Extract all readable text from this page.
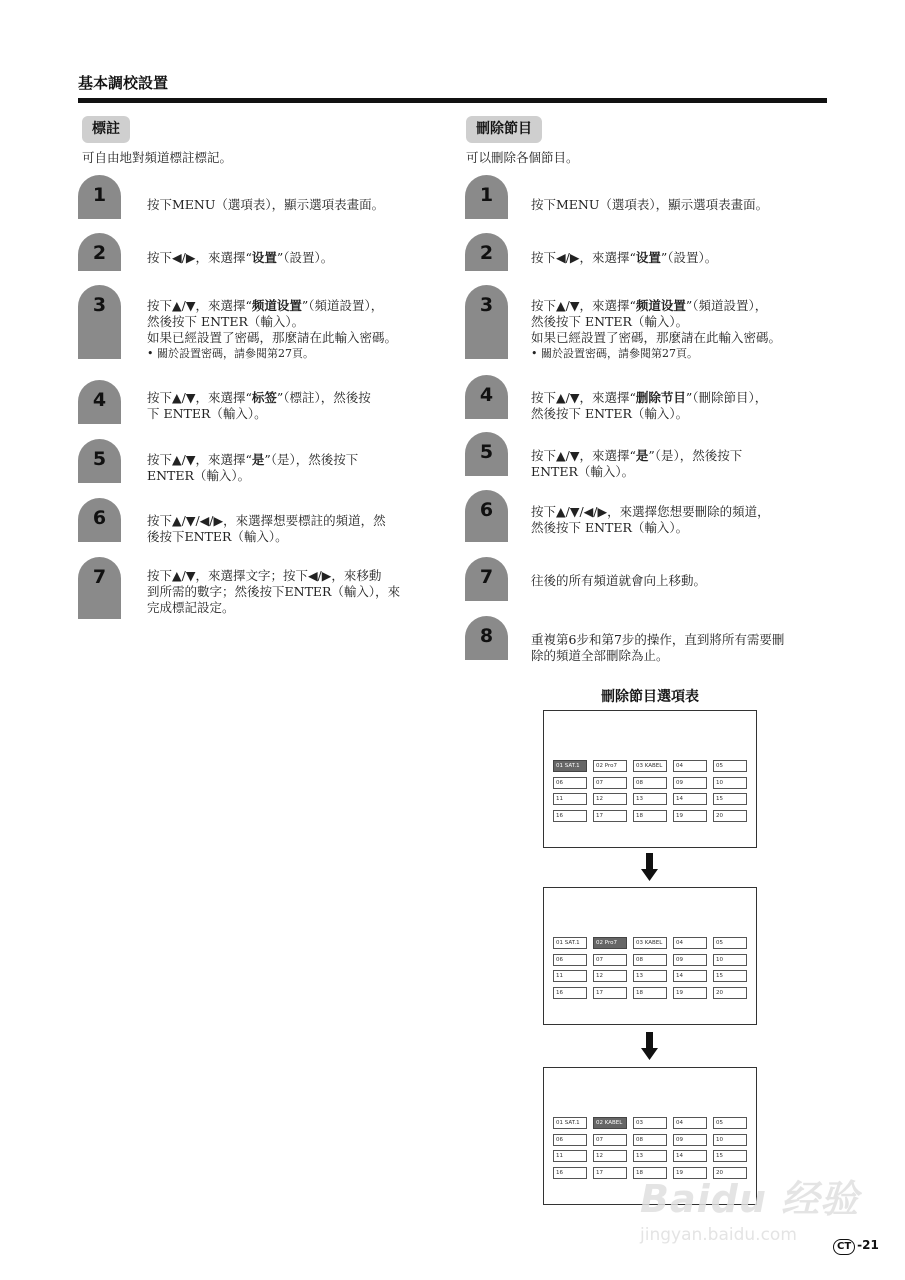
基本調校設置
標註
可自由地對頻道標註標記。
1	按下MENU（選項表），顯示選項表畫面。
2	按下◀/▶，來選擇“设置”（設置）。
3	按下▲/▼，來選擇“频道设置”（頻道設置），
然後按下 ENTER（輸入）。
如果已經設置了密碼，那麼請在此輸入密碼。
• 關於設置密碼，請參閱第27頁。
4	按下▲/▼，來選擇“标签”（標註），然後按
下 ENTER（輸入）。
5	按下▲/▼，來選擇“是”（是），然後按下
ENTER（輸入）。
6	按下▲/▼/◀/▶，來選擇想要標註的頻道，然
後按下ENTER（輸入）。
7	按下▲/▼，來選擇文字；按下◀/▶，來移動
到所需的數字；然後按下ENTER（輸入），來
完成標記設定。
刪除節目
可以刪除各個節目。
1	按下MENU（選項表），顯示選項表畫面。
2	按下◀/▶，來選擇“设置”（設置）。
3	按下▲/▼，來選擇“频道设置”（頻道設置），
然後按下 ENTER（輸入）。
如果已經設置了密碼，那麼請在此輸入密碼。
• 關於設置密碼，請參閱第27頁。
4	按下▲/▼，來選擇“删除节目”（刪除節目），
然後按下 ENTER（輸入）。
5	按下▲/▼，來選擇“是”（是），然後按下
ENTER（輸入）。
6	按下▲/▼/◀/▶，來選擇您想要刪除的頻道，
然後按下 ENTER（輸入）。
7	往後的所有頻道就會向上移動。
8	重複第6步和第7步的操作，直到將所有需要刪
除的頻道全部刪除為止。
刪除節目選項表
01 SAT.1	02 Pro7	03 KABEL	04	05
06	07	08	09	10
11	12	13	14	15
16	17	18	19	20
01 SAT.1	02 Pro7	03 KABEL	04	05
06	07	08	09	10
11	12	13	14	15
16	17	18	19	20
01 SAT.1	02 KABEL	03	04	05
06	07	08	09	10
11	12	13	14	15
16	17	18	19	20
Baidu 经验
jingyan.baidu.com
CT -21
